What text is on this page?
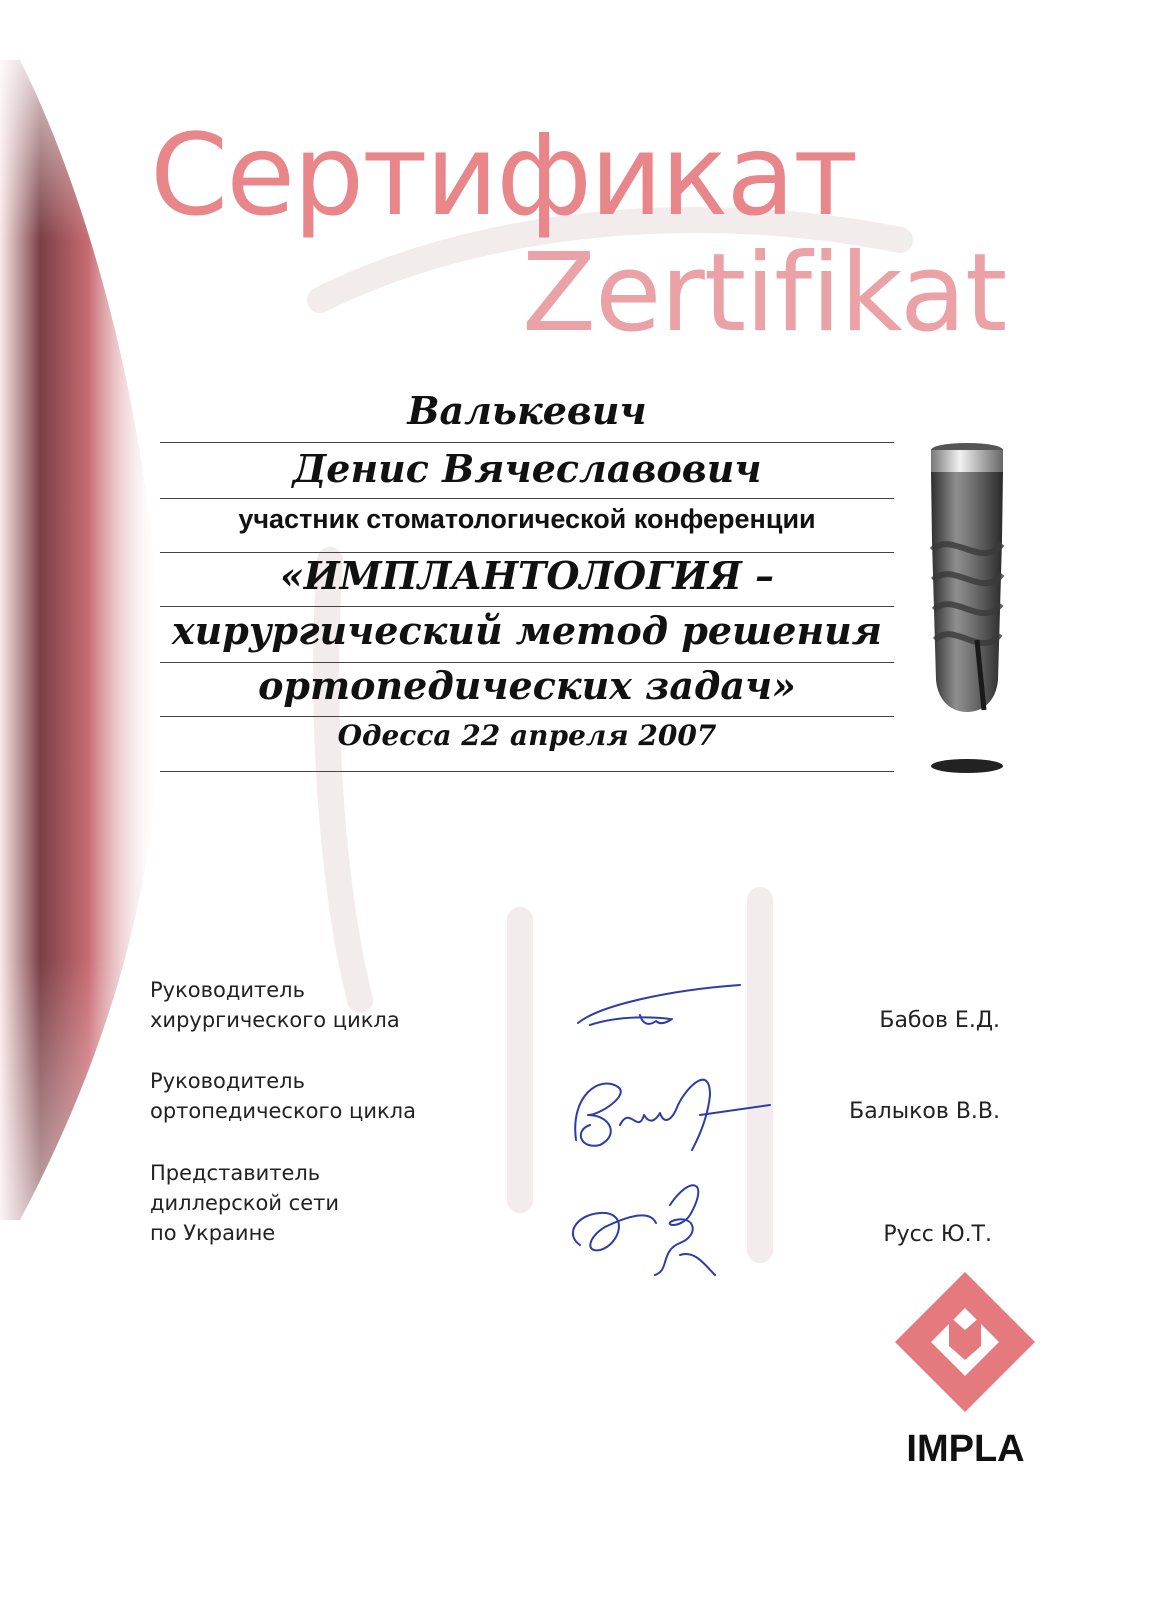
Сертификат
Zertifikat
Валькевич
Денис Вячеславович
участник стоматологической конференции
«ИМПЛАНТОЛОГИЯ –
хирургический метод решения
ортопедических задач»
Одесса 22 апреля 2007
Руководитель
хирургического цикла	Бабов Е.Д.
Руководитель
ортопедического цикла	Балыков В.В.
Представитель
диллерской сети
по Украине	Русс Ю.Т.
IMPLA
